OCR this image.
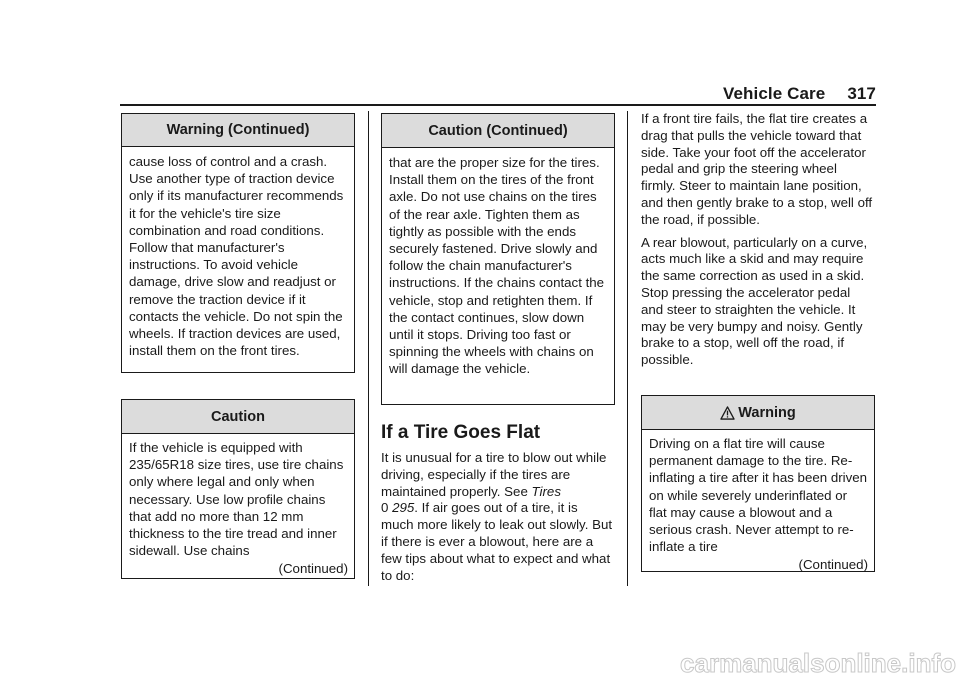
Vehicle Care 317
Warning (Continued)

cause loss of control and a crash. Use another type of traction device only if its manufacturer recommends it for the vehicle's tire size combination and road conditions. Follow that manufacturer's instructions. To avoid vehicle damage, drive slow and readjust or remove the traction device if it contacts the vehicle. Do not spin the wheels. If traction devices are used, install them on the front tires.

Caution

If the vehicle is equipped with 235/65R18 size tires, use tire chains only where legal and only when necessary. Use low profile chains that add no more than 12 mm thickness to the tire tread and inner sidewall. Use chains

(Continued)
Caution (Continued)

that are the proper size for the tires. Install them on the tires of the front axle. Do not use chains on the tires of the rear axle. Tighten them as tightly as possible with the ends securely fastened. Drive slowly and follow the chain manufacturer's instructions. If the chains contact the vehicle, stop and retighten them. If the contact continues, slow down until it stops. Driving too fast or spinning the wheels with chains on will damage the vehicle.

If a Tire Goes Flat

It is unusual for a tire to blow out while driving, especially if the tires are maintained properly. See Tires
0 295. If air goes out of a tire, it is much more likely to leak out slowly. But if there is ever a blowout, here are a few tips about what to expect and what to do:

If a front tire fails, the flat tire creates a drag that pulls the vehicle toward that side. Take your foot off the accelerator pedal and grip the steering wheel firmly. Steer to maintain lane position, and then gently brake to a stop, well off the road, if possible.

A rear blowout, particularly on a curve, acts much like a skid and may require the same correction as used in a skid. Stop pressing the accelerator pedal and steer to straighten the vehicle. It may be very bumpy and noisy. Gently brake to a stop, well off the road, if possible.

Warning

Driving on a flat tire will cause permanent damage to the tire. Re-inflating a tire after it has been driven on while severely underinflated or flat may cause a blowout and a serious crash. Never attempt to re-inflate a tire

(Continued)
carmanualsonline.info
